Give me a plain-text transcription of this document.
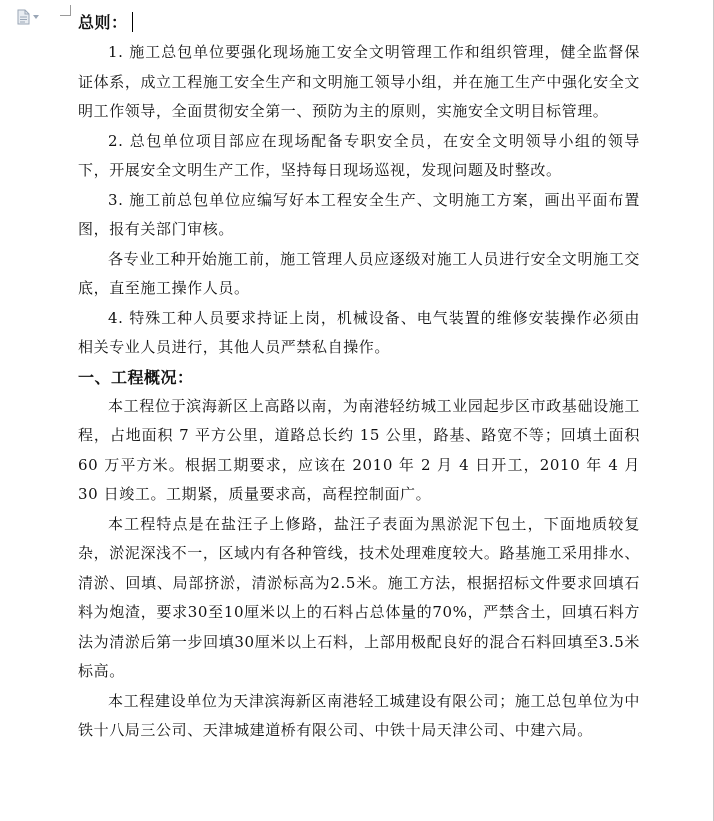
总则：

1. 施工总包单位要强化现场施工安全文明管理工作和组织管理，健全监督保证体系，成立工程施工安全生产和文明施工领导小组，并在施工生产中强化安全文明工作领导，全面贯彻安全第一、预防为主的原则，实施安全文明目标管理。

2. 总包单位项目部应在现场配备专职安全员，在安全文明领导小组的领导下，开展安全文明生产工作，坚持每日现场巡视，发现问题及时整改。

3. 施工前总包单位应编写好本工程安全生产、文明施工方案，画出平面布置图，报有关部门审核。

各专业工种开始施工前，施工管理人员应逐级对施工人员进行安全文明施工交底，直至施工操作人员。

4. 特殊工种人员要求持证上岗，机械设备、电气装置的维修安装操作必须由相关专业人员进行，其他人员严禁私自操作。

一、工程概况：

本工程位于滨海新区上高路以南，为南港轻纺城工业园起步区市政基础设施工程，占地面积 7 平方公里，道路总长约 15 公里，路基、路宽不等；回填土面积 60 万平方米。根据工期要求，应该在 2010 年 2 月 4 日开工，2010 年 4 月 30 日竣工。工期紧，质量要求高，高程控制面广。

本工程特点是在盐汪子上修路，盐汪子表面为黑淤泥下包土，下面地质较复杂，淤泥深浅不一，区域内有各种管线，技术处理难度较大。路基施工采用排水、清淤、回填、局部挤淤，清淤标高为2.5米。施工方法，根据招标文件要求回填石料为炮渣，要求30至10厘米以上的石料占总体量的70%，严禁含土，回填石料方法为清淤后第一步回填30厘米以上石料，上部用极配良好的混合石料回填至3.5米标高。

本工程建设单位为天津滨海新区南港轻工城建设有限公司；施工总包单位为中铁十八局三公司、天津城建道桥有限公司、中铁十局天津公司、中建六局。
